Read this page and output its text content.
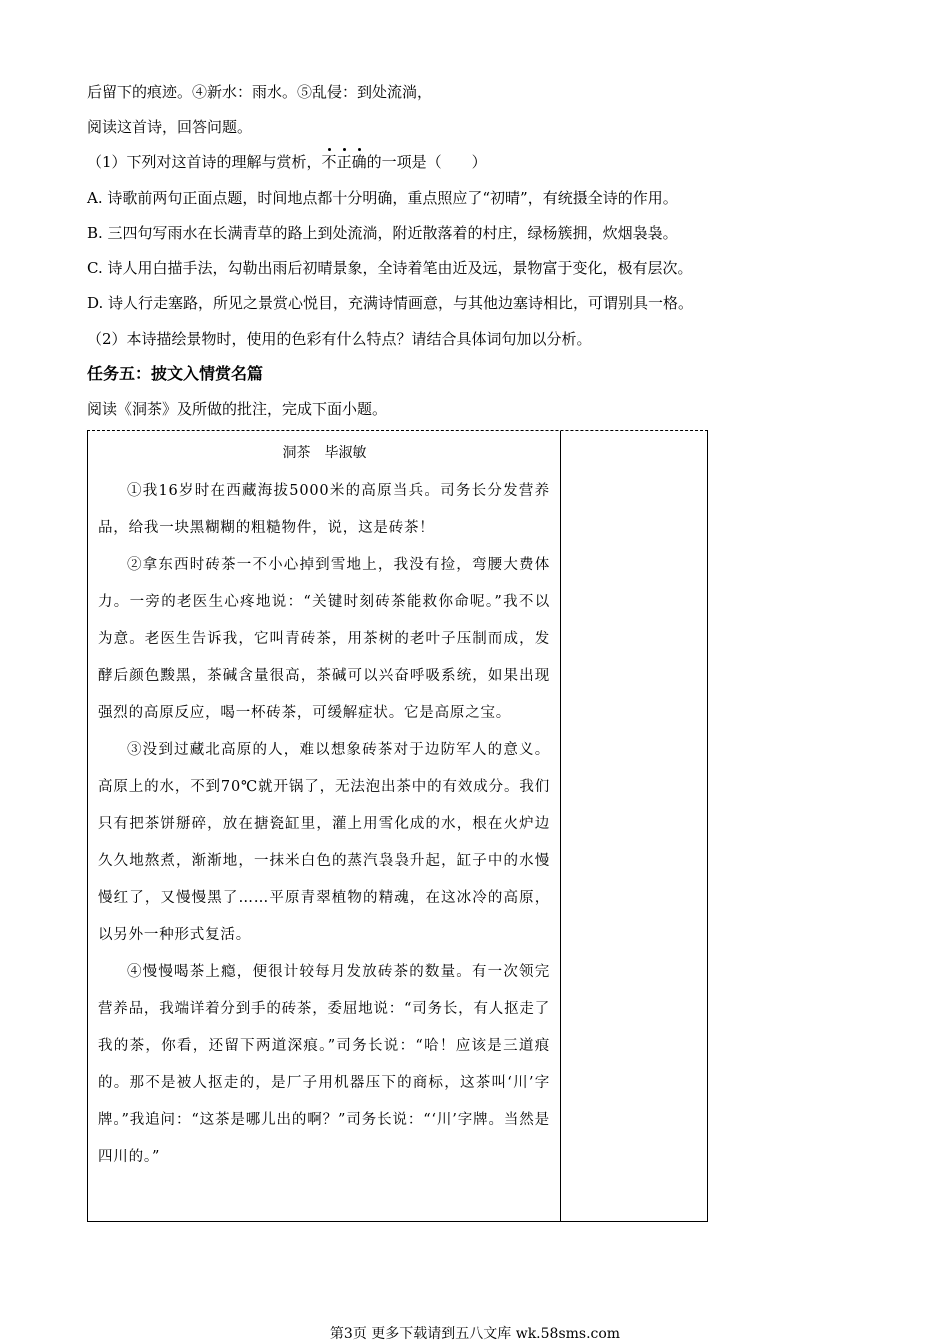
后留下的痕迹。④新水：雨水。⑤乱侵：到处流淌，
阅读这首诗，回答问题。
（1）下列对这首诗的理解与赏析，不正确的一项是（　　）
A. 诗歌前两句正面点题，时间地点都十分明确，重点照应了“初晴”，有统摄全诗的作用。
B. 三四句写雨水在长满青草的路上到处流淌，附近散落着的村庄，绿杨簇拥，炊烟袅袅。
C. 诗人用白描手法，勾勒出雨后初晴景象，全诗着笔由近及远，景物富于变化，极有层次。
D. 诗人行走塞路，所见之景赏心悦目，充满诗情画意，与其他边塞诗相比，可谓别具一格。
（2）本诗描绘景物时，使用的色彩有什么特点？请结合具体词句加以分析。
任务五：披文入情赏名篇
阅读《洞茶》及所做的批注，完成下面小题。
洞茶　毕淑敏

①我16岁时在西藏海拔5000米的高原当兵。司务长分发营养品，给我一块黑糊糊的粗糙物件，说，这是砖茶！

②拿东西时砖茶一不小心掉到雪地上，我没有捡，弯腰大费体力。一旁的老医生心疼地说：“关键时刻砖茶能救你命呢。”我不以为意。老医生告诉我，它叫青砖茶，用茶树的老叶子压制而成，发酵后颜色黢黑，茶碱含量很高，茶碱可以兴奋呼吸系统，如果出现强烈的高原反应，喝一杯砖茶，可缓解症状。它是高原之宝。

③没到过藏北高原的人，难以想象砖茶对于边防军人的意义。高原上的水，不到70℃就开锅了，无法泡出茶中的有效成分。我们只有把茶饼掰碎，放在搪瓷缸里，灌上用雪化成的水，根在火炉边久久地熬煮，渐渐地，一抹米白色的蒸汽袅袅升起，缸子中的水慢慢红了，又慢慢黑了……平原青翠植物的精魂，在这冰冷的高原，以另外一种形式复活。

④慢慢喝茶上瘾，便很计较每月发放砖茶的数量。有一次领完营养品，我端详着分到手的砖茶，委屈地说：“司务长，有人抠走了我的茶，你看，还留下两道深痕。”司务长说：“哈！应该是三道痕的。那不是被人抠走的，是厂子用机器压下的商标，这茶叫‘川’字牌。”我追问：“这茶是哪儿出的啊？”司务长说：“‘川’字牌。当然是四川的。”

第3页 更多下载请到五八文库 wk.58sms.com
